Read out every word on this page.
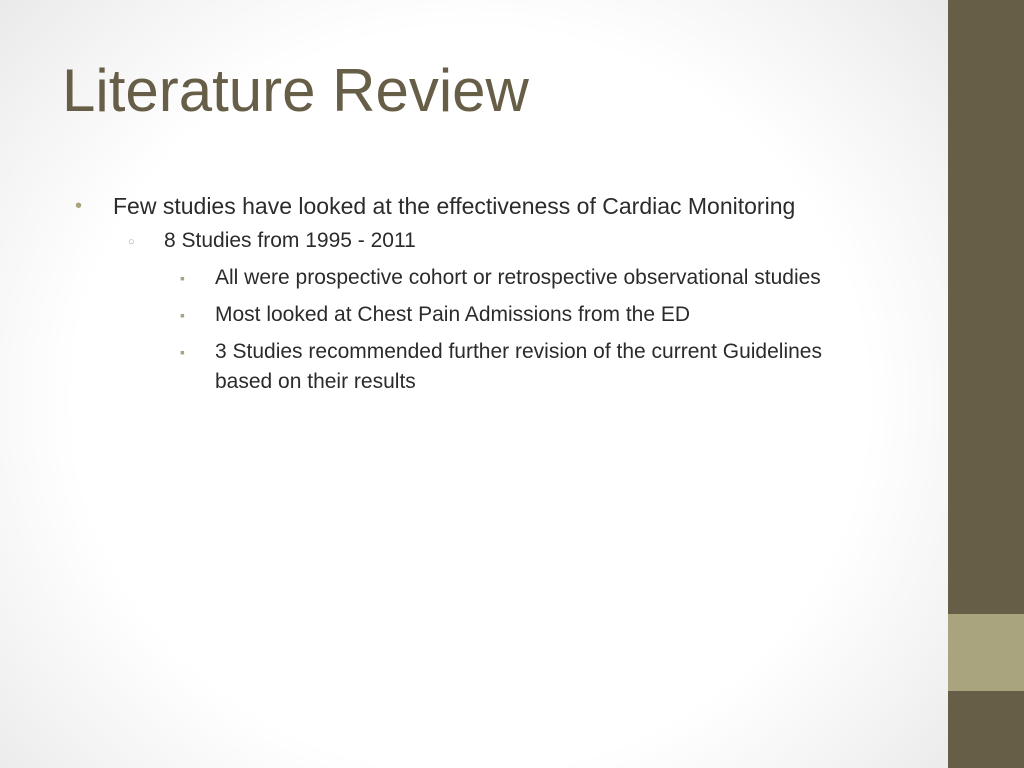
Literature Review
• Few studies have looked at the effectiveness of Cardiac Monitoring
○ 8 Studies from 1995 - 2011
▪ All were prospective cohort or retrospective observational studies
▪ Most looked at Chest Pain Admissions from the ED
▪ 3 Studies recommended further revision of the current Guidelines based on their results
